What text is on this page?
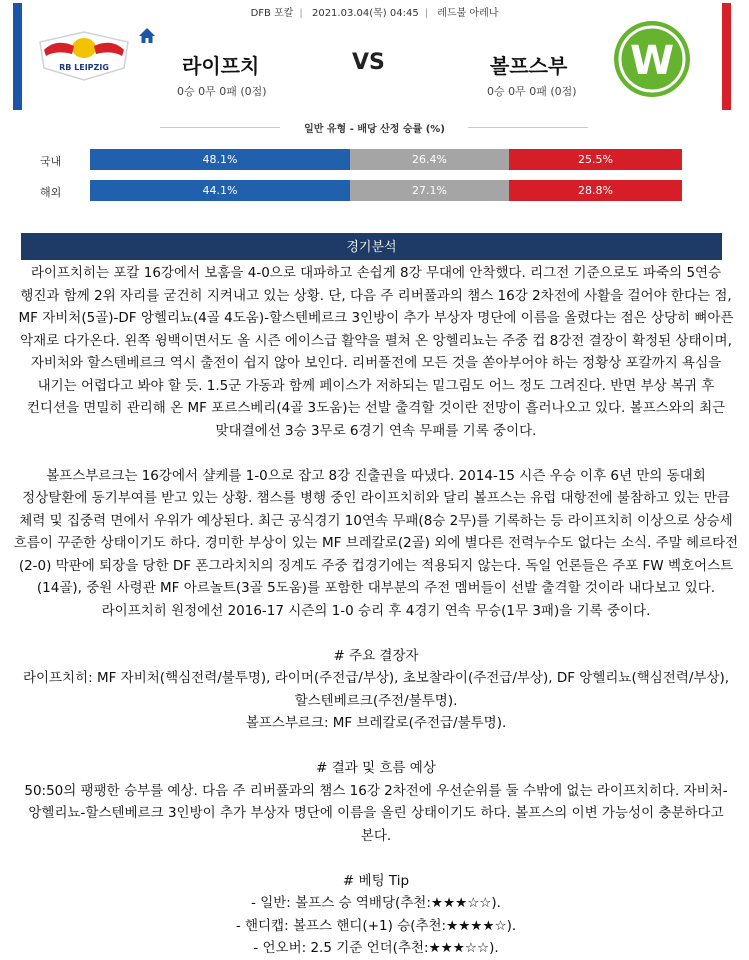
DFB 포칼 | 2021.03.04(목) 04:45 | 레드불 아레나
RB LEIPZIG	라이프치	VS	볼프스부
0승 0무 0패 (0점)	0승 0무 0패 (0점)
W
일반 유형 - 배당 산정 승률 (%)
국내	48.1%	26.4%	25.5%
해외	44.1%	27.1%	28.8%
경기분석

라이프치히는 포칼 16강에서 보훔을 4-0으로 대파하고 손쉽게 8강 무대에 안착했다. 리그전 기준으로도 파죽의 5연승 행진과 함께 2위 자리를 굳건히 지켜내고 있는 상황. 단, 다음 주 리버풀과의 챔스 16강 2차전에 사활을 걸어야 한다는 점, MF 자비처(5골)-DF 앙헬리뇨(4골 4도움)-할스텐베르크 3인방이 추가 부상자 명단에 이름을 올렸다는 점은 상당히 뼈아픈 악재로 다가온다. 왼쪽 윙백이면서도 올 시즌 에이스급 활약을 펼쳐 온 앙헬리뇨는 주중 컵 8강전 결장이 확정된 상태이며, 자비처와 할스텐베르크 역시 출전이 쉽지 않아 보인다. 리버풀전에 모든 것을 쏟아부어야 하는 정황상 포칼까지 욕심을 내기는 어렵다고 봐야 할 듯. 1.5군 가동과 함께 페이스가 저하되는 밑그림도 어느 정도 그려진다. 반면 부상 복귀 후 컨디션을 면밀히 관리해 온 MF 포르스베리(4골 3도움)는 선발 출격할 것이란 전망이 흘러나오고 있다. 볼프스와의 최근 맞대결에선 3승 3무로 6경기 연속 무패를 기록 중이다.

볼프스부르크는 16강에서 샬케를 1-0으로 잡고 8강 진출권을 따냈다. 2014-15 시즌 우승 이후 6년 만의 동대회 정상탈환에 동기부여를 받고 있는 상황. 챔스를 병행 중인 라이프치히와 달리 볼프스는 유럽 대항전에 불참하고 있는 만큼 체력 및 집중력 면에서 우위가 예상된다. 최근 공식경기 10연속 무패(8승 2무)를 기록하는 등 라이프치히 이상으로 상승세 흐름이 꾸준한 상태이기도 하다. 경미한 부상이 있는 MF 브레칼로(2골) 외에 별다른 전력누수도 없다는 소식. 주말 헤르타전(2-0) 막판에 퇴장을 당한 DF 폰그라치치의 징계도 주중 컵경기에는 적용되지 않는다. 독일 언론들은 주포 FW 벡호어스트(14골), 중원 사령관 MF 아르놀트(3골 5도움)를 포함한 대부분의 주전 멤버들이 선발 출격할 것이라 내다보고 있다. 라이프치히 원정에선 2016-17 시즌의 1-0 승리 후 4경기 연속 무승(1무 3패)을 기록 중이다.

# 주요 결장자

라이프치히: MF 자비처(핵심전력/불투명), 라이머(주전급/부상), 초보찰라이(주전급/부상), DF 앙헬리뇨(핵심전력/부상), 할스텐베르크(주전/불투명).

볼프스부르크: MF 브레칼로(주전급/불투명).

# 결과 및 흐름 예상

50:50의 팽팽한 승부를 예상. 다음 주 리버풀과의 챔스 16강 2차전에 우선순위를 둘 수밖에 없는 라이프치히다. 자비처-앙헬리뇨-할스텐베르크 3인방이 추가 부상자 명단에 이름을 올린 상태이기도 하다. 볼프스의 이변 가능성이 충분하다고 본다.

# 베팅 Tip

- 일반: 볼프스 승 역배당(추천:★★★☆☆).

- 핸디캡: 볼프스 핸디(+1) 승(추천:★★★★☆).

- 언오버: 2.5 기준 언더(추천:★★★☆☆).
